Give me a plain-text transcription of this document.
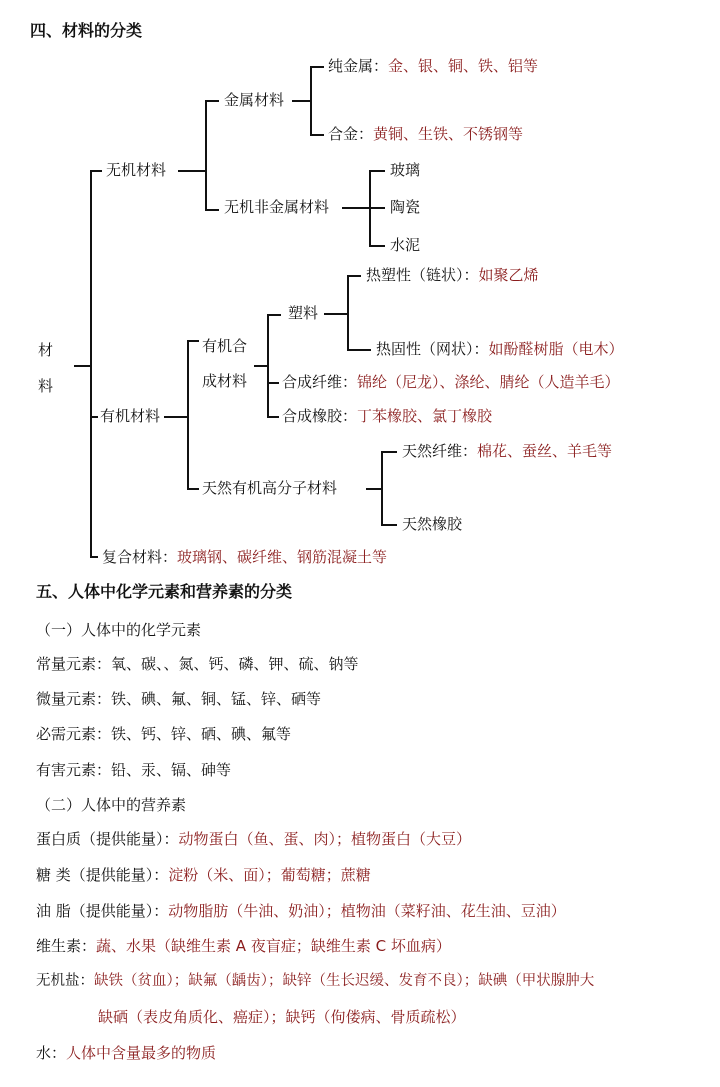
四、材料的分类
材
料
无机材料
金属材料
纯金属：金、银、铜、铁、铝等
合金：黄铜、生铁、不锈钢等
无机非金属材料
玻璃
陶瓷
水泥
有机材料
有机合
成材料
塑料
热塑性（链状）：如聚乙烯
热固性（网状）：如酚醛树脂（电木）
合成纤维：锦纶（尼龙）、涤纶、腈纶（人造羊毛）
合成橡胶：丁苯橡胶、氯丁橡胶
天然有机高分子材料
天然纤维：棉花、蚕丝、羊毛等
天然橡胶
复合材料：玻璃钢、碳纤维、钢筋混凝土等
五、人体中化学元素和营养素的分类
（一）人体中的化学元素
常量元素：氧、碳、、氮、钙、磷、钾、硫、钠等
微量元素：铁、碘、氟、铜、锰、锌、硒等
必需元素：铁、钙、锌、硒、碘、氟等
有害元素：铅、汞、镉、砷等
（二）人体中的营养素
蛋白质（提供能量）：动物蛋白（鱼、蛋、肉）；植物蛋白（大豆）
糖 类（提供能量）：淀粉（米、面）；葡萄糖；蔗糖
油 脂（提供能量）：动物脂肪（牛油、奶油）；植物油（菜籽油、花生油、豆油）
维生素：蔬、水果（缺维生素 A 夜盲症；缺维生素 C 坏血病）
无机盐：缺铁（贫血）；缺氟（龋齿）；缺锌（生长迟缓、发育不良）；缺碘（甲状腺肿大
缺硒（表皮角质化、癌症）；缺钙（佝偻病、骨质疏松）
水：人体中含量最多的物质
